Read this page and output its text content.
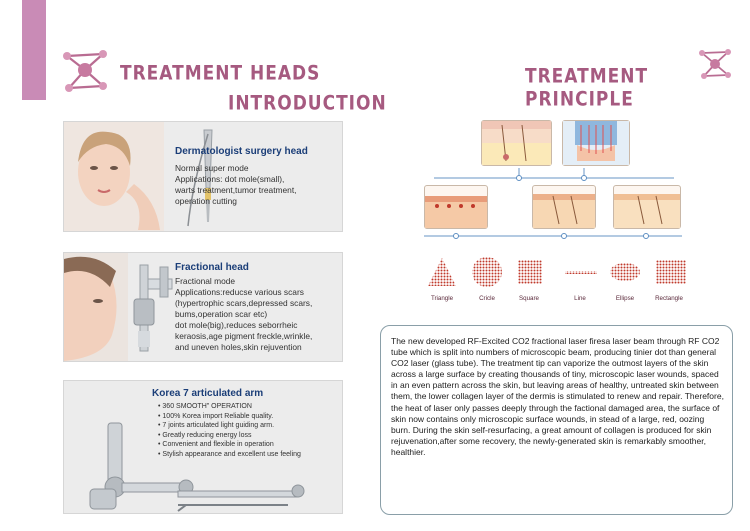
TREATMENT HEADS
INTRODUCTION
TREATMENT PRINCIPLE
Dermatologist surgery head
Normal super mode
Applications: dot mole(small),
warts treatment,tumor treatment,
operation cutting
Fractional head
Fractional mode
Applications:reducse various scars
(hypertrophic scars,depressed scars,
bums,operation scar etc)
dot mole(big),reduces seborrheic
keraosis,age pigment freckle,wrinkle,
and uneven holes,skin rejuvention
Korea 7 articulated arm
• 360 SMOOTH" OPERATION
• 100% Korea import Reliable quality.
• 7 joints articulated light guiding arm.
• Greatly reducing energy loss
• Convenient and flexible in operation
• Stylish appearance and excellent use feeling
Triangle	Cricle	Square	Line	Ellipse	Rectangle

The new developed RF-Excited CO2 fractional laser firesa laser beam through RF CO2 tube which is split into numbers of microscopic beam, producing tinier dot than general CO2 laser (glass tube). The treatment tip can vaporize the outmost layers of the skin across a large surface by creating thousands of tiny, microscopic laser wounds, spaced in an even pattern across the skin, but leaving areas of healthy, untreated skin between them, the lower collagen layer of the dermis is stimulated to renew and repair. Therefore, the heat of laser only passes deeply through the factional damaged area, the surface of skin now contains only microscopic surface wounds, in stead of a large, red, oozing burn. During the skin self-resurfacing, a great amount of collagen is produced for skin rejuvenation,after some recovery, the newly-generated skin is remarkably smoother, healthier.
